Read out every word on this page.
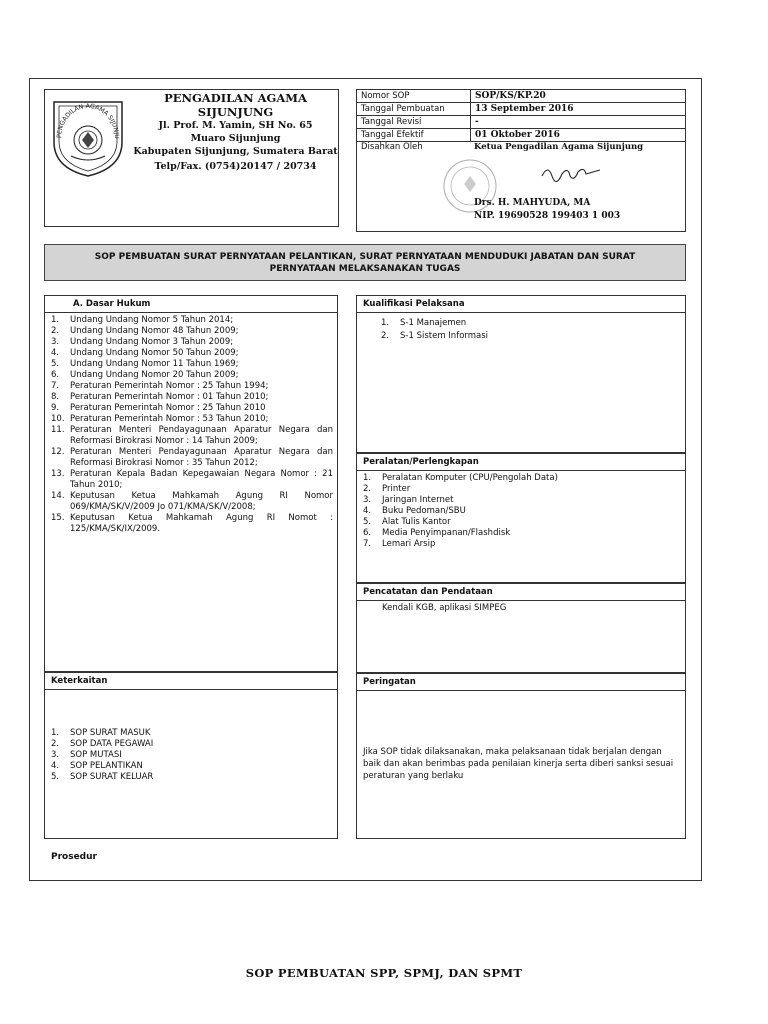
PENGADILAN AGAMA SIJUNJU
PENGADILAN AGAMA SIJUNJUNG
Jl. Prof. M. Yamin, SH No. 65
Muaro Sijunjung
Kabupaten Sijunjung, Sumatera Barat
Telp/Fax. (0754)20147 / 20734
Nomor SOP	SOP/KS/KP.20
Tanggal Pembuatan	13 September 2016
Tanggal Revisi	-
Tanggal Efektif	01 Oktober 2016
Disahkan Oleh	Ketua Pengadilan Agama Sijunjung
Drs. H. MAHYUDA, MA
NIP. 19690528 199403 1 003
SOP PEMBUATAN SURAT PERNYATAAN PELANTIKAN, SURAT PERNYATAAN MENDUDUKI JABATAN DAN SURAT
PERNYATAAN MELAKSANAKAN TUGAS
A. Dasar Hukum
1.	Undang Undang Nomor 5 Tahun 2014;
2.	Undang Undang Nomor 48 Tahun 2009;
3.	Undang Undang Nomor 3 Tahun 2009;
4.	Undang Undang Nomor 50 Tahun 2009;
5.	Undang Undang Nomor 11 Tahun 1969;
6.	Undang Undang Nomor 20 Tahun 2009;
7.	Peraturan Pemerintah Nomor : 25 Tahun 1994;
8.	Peraturan Pemerintah Nomor : 01 Tahun 2010;
9.	Peraturan Pemerintah Nomor : 25 Tahun 2010
10. Peraturan Pemerintah Nomor : 53 Tahun 2010;
11. Peraturan Menteri Pendayagunaan Aparatur Negara dan Reformasi Birokrasi Nomor : 14 Tahun 2009;
12. Peraturan Menteri Pendayagunaan Aparatur Negara dan Reformasi Birokrasi Nomor : 35 Tahun 2012;
13. Peraturan Kepala Badan Kepegawaian Negara Nomor : 21 Tahun 2010;
14. Keputusan Ketua Mahkamah Agung RI Nomor 069/KMA/SK/V/2009 Jo 071/KMA/SK/V/2008;
15. Keputusan Ketua Mahkamah Agung RI Nomot : 125/KMA/SK/IX/2009.
Keterkaitan
1.	SOP SURAT MASUK
2.	SOP DATA PEGAWAI
3.	SOP MUTASI
4.	SOP PELANTIKAN
5.	SOP SURAT KELUAR
Kualifikasi Pelaksana
1.	S-1 Manajemen
2.	S-1 Sistem Informasi
Peralatan/Perlengkapan
1.	Peralatan Komputer (CPU/Pengolah Data)
2.	Printer
3.	Jaringan Internet
4.	Buku Pedoman/SBU
5.	Alat Tulis Kantor
6.	Media Penyimpanan/Flashdisk
7.	Lemari Arsip
Pencatatan dan Pendataan
Kendali KGB, aplikasi SIMPEG
Peringatan
Jika SOP tidak dilaksanakan, maka pelaksanaan tidak berjalan dengan baik dan akan berimbas pada penilaian kinerja serta diberi sanksi sesuai peraturan yang berlaku
Prosedur
SOP PEMBUATAN SPP, SPMJ, DAN SPMT
